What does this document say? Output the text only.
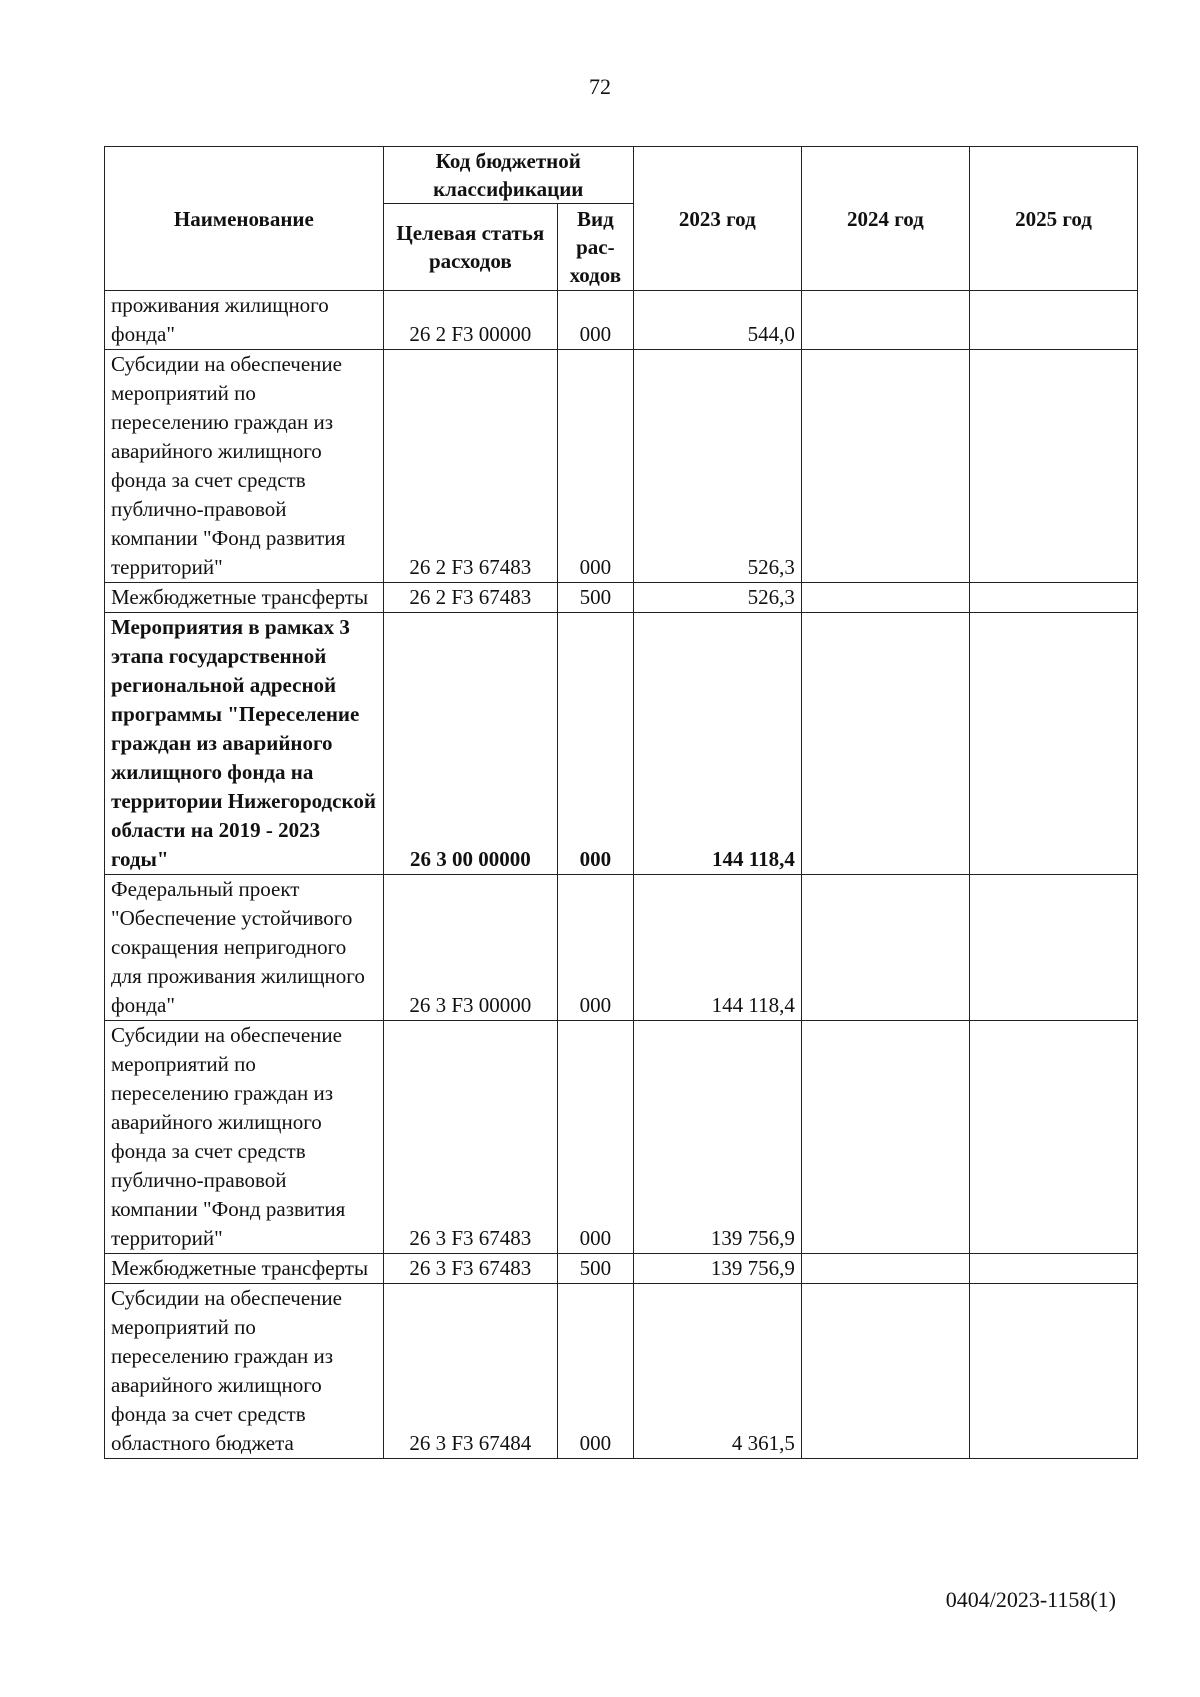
72
Наименование	Код бюджетной классификации		2023 год	2024 год	2025 год
	Целевая статья расходов	Вид рас-ходов			
проживания жилищного фонда"	26 2 F3 00000	000	544,0		
Субсидии на обеспечение мероприятий по переселению граждан из аварийного жилищного фонда за счет средств публично-правовой компании "Фонд развития территорий"	26 2 F3 67483	000	526,3		
Межбюджетные трансферты	26 2 F3 67483	500	526,3		
Мероприятия в рамках 3 этапа государственной региональной адресной программы "Переселение граждан из аварийного жилищного фонда на территории Нижегородской области на 2019 - 2023 годы"	26 3 00 00000	000	144 118,4		
Федеральный проект "Обеспечение устойчивого сокращения непригодного для проживания жилищного фонда"	26 3 F3 00000	000	144 118,4		
Субсидии на обеспечение мероприятий по переселению граждан из аварийного жилищного фонда за счет средств публично-правовой компании "Фонд развития территорий"	26 3 F3 67483	000	139 756,9		
Межбюджетные трансферты	26 3 F3 67483	500	139 756,9		
Субсидии на обеспечение мероприятий по переселению граждан из аварийного жилищного фонда за счет средств областного бюджета	26 3 F3 67484	000	4 361,5		
0404/2023-1158(1)
